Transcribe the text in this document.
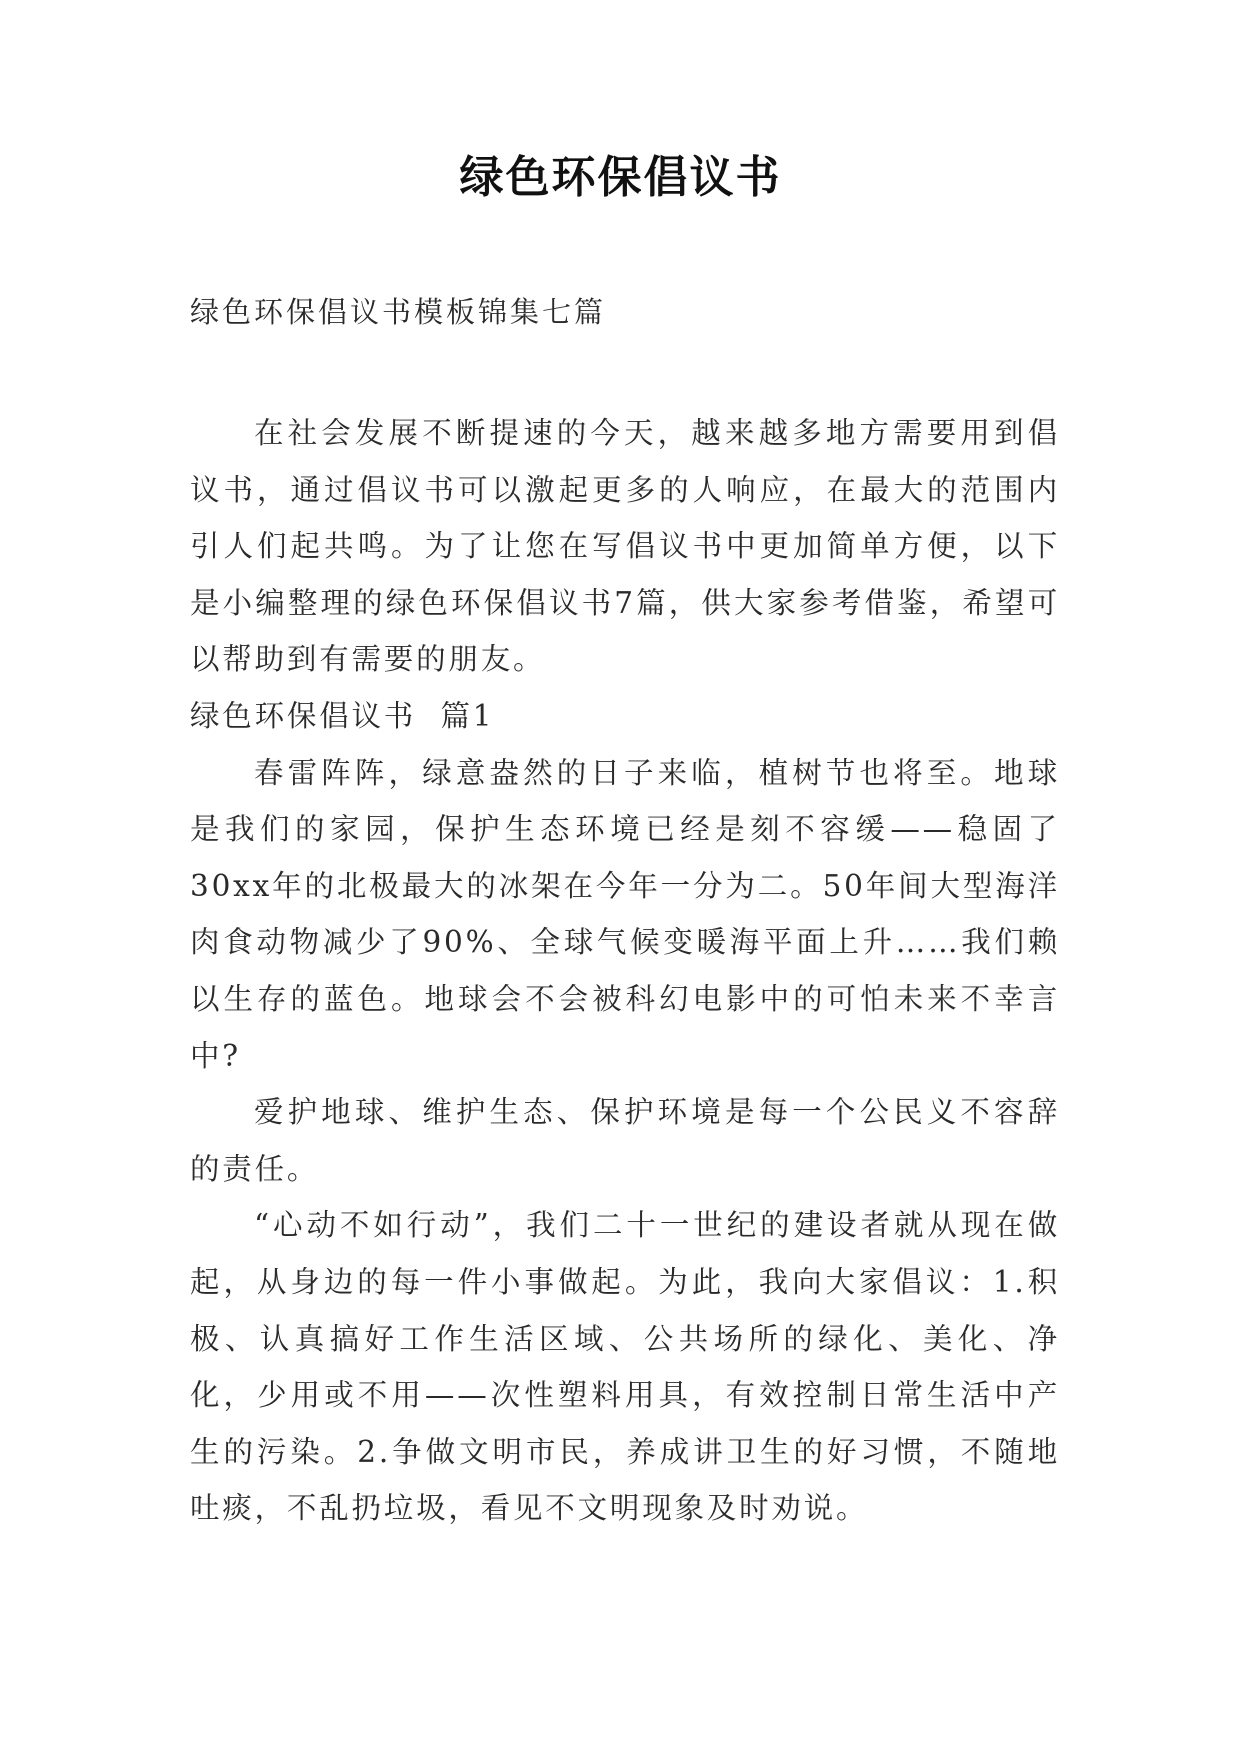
绿色环保倡议书
绿色环保倡议书模板锦集七篇

在社会发展不断提速的今天，越来越多地方需要用到倡议书，通过倡议书可以激起更多的人响应，在最大的范围内引人们起共鸣。为了让您在写倡议书中更加简单方便，以下是小编整理的绿色环保倡议书7篇，供大家参考借鉴，希望可以帮助到有需要的朋友。

绿色环保倡议书  篇1

春雷阵阵，绿意盎然的日子来临，植树节也将至。地球是我们的家园，保护生态环境已经是刻不容缓——稳固了30xx年的北极最大的冰架在今年一分为二。50年间大型海洋肉食动物减少了90%、全球气候变暖海平面上升……我们赖以生存的蓝色。地球会不会被科幻电影中的可怕未来不幸言中?

爱护地球、维护生态、保护环境是每一个公民义不容辞的责任。

“心动不如行动”，我们二十一世纪的建设者就从现在做起，从身边的每一件小事做起。为此，我向大家倡议：1.积极、认真搞好工作生活区域、公共场所的绿化、美化、净化，少用或不用——次性塑料用具，有效控制日常生活中产生的污染。2.争做文明市民，养成讲卫生的好习惯，不随地吐痰，不乱扔垃圾，看见不文明现象及时劝说。
